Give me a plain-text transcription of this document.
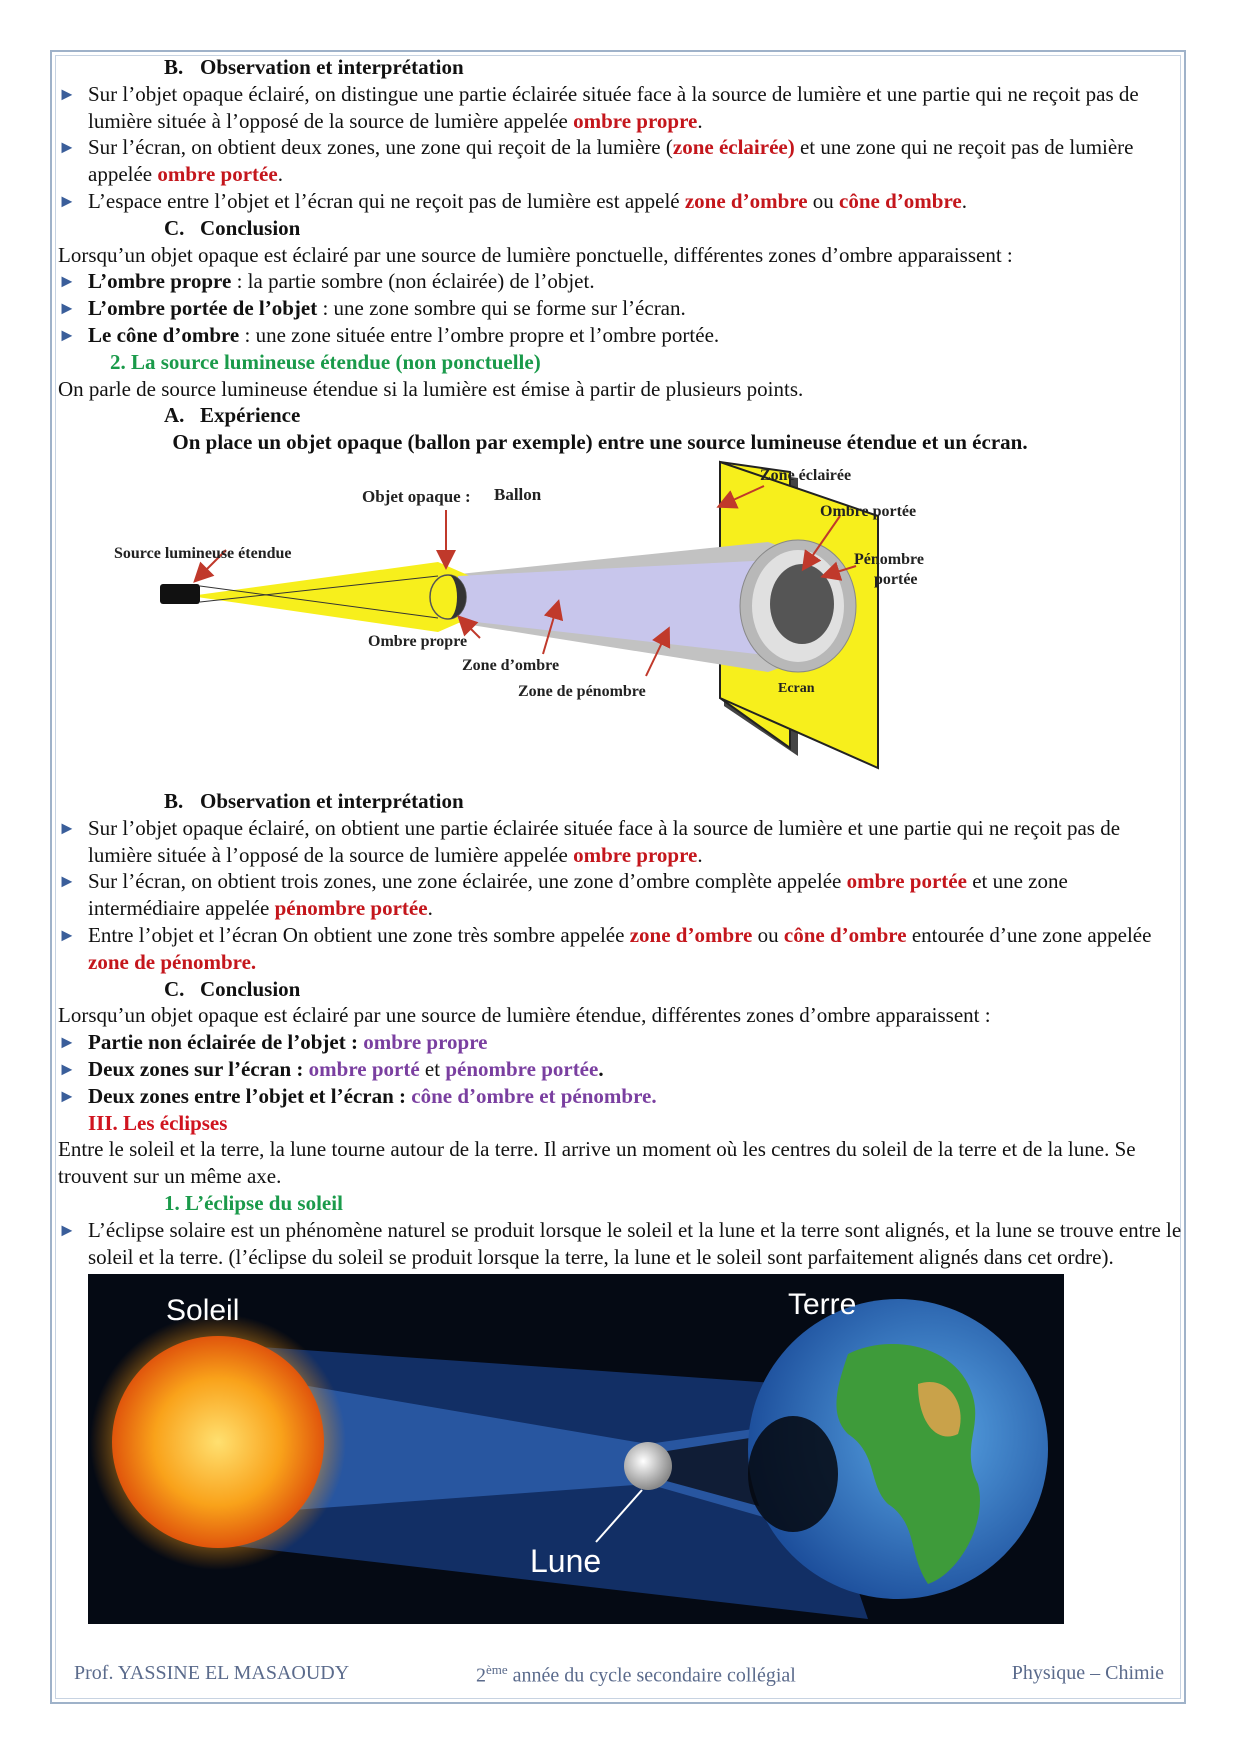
B. Observation et interprétation

► Sur l’objet opaque éclairé, on distingue une partie éclairée située face à la source de lumière et une partie qui ne reçoit pas de lumière située à l’opposé de la source de lumière appelée ombre propre.

► Sur l’écran, on obtient deux zones, une zone qui reçoit de la lumière (zone éclairée) et une zone qui ne reçoit pas de lumière appelée ombre portée.

► L’espace entre l’objet et l’écran qui ne reçoit pas de lumière est appelé zone d’ombre ou cône d’ombre.

C. Conclusion

Lorsqu’un objet opaque est éclairé par une source de lumière ponctuelle, différentes zones d’ombre apparaissent :

► L’ombre propre : la partie sombre (non éclairée) de l’objet.

► L’ombre portée de l’objet : une zone sombre qui se forme sur l’écran.

► Le cône d’ombre : une zone située entre l’ombre propre et l’ombre portée.

2. La source lumineuse étendue (non ponctuelle)

On parle de source lumineuse étendue si la lumière est émise à partir de plusieurs points.

A. Expérience

On place un objet opaque (ballon par exemple) entre une source lumineuse étendue et un écran.

Objet opaque : Ballon
Source lumineuse étendue
Ombre propre
Zone d’ombre
Zone de pénombre
Zone éclairée
Ombre portée
Pénombre
portée
Ecran

B. Observation et interprétation

► Sur l’objet opaque éclairé, on obtient une partie éclairée située face à la source de lumière et une partie qui ne reçoit pas de lumière située à l’opposé de la source de lumière appelée ombre propre.

► Sur l’écran, on obtient trois zones, une zone éclairée, une zone d’ombre complète appelée ombre portée et une zone intermédiaire appelée pénombre portée.

► Entre l’objet et l’écran On obtient une zone très sombre appelée zone d’ombre ou cône d’ombre entourée d’une zone appelée zone de pénombre.

C. Conclusion

Lorsqu’un objet opaque est éclairé par une source de lumière étendue, différentes zones d’ombre apparaissent :

► Partie non éclairée de l’objet : ombre propre

► Deux zones sur l’écran : ombre porté et pénombre portée.

► Deux zones entre l’objet et l’écran : cône d’ombre et pénombre.

III. Les éclipses

Entre le soleil et la terre, la lune tourne autour de la terre. Il arrive un moment où les centres du soleil de la terre et de la lune. Se trouvent sur un même axe.

1. L’éclipse du soleil

► L’éclipse solaire est un phénomène naturel se produit lorsque le soleil et la lune et la terre sont alignés, et la lune se trouve entre le soleil et la terre. (l’éclipse du soleil se produit lorsque la terre, la lune et le soleil sont parfaitement alignés dans cet ordre).

Soleil	Terre
Lune
Prof. YASSINE EL MASAOUDY	2ème année du cycle secondaire collégial	Physique – Chimie
